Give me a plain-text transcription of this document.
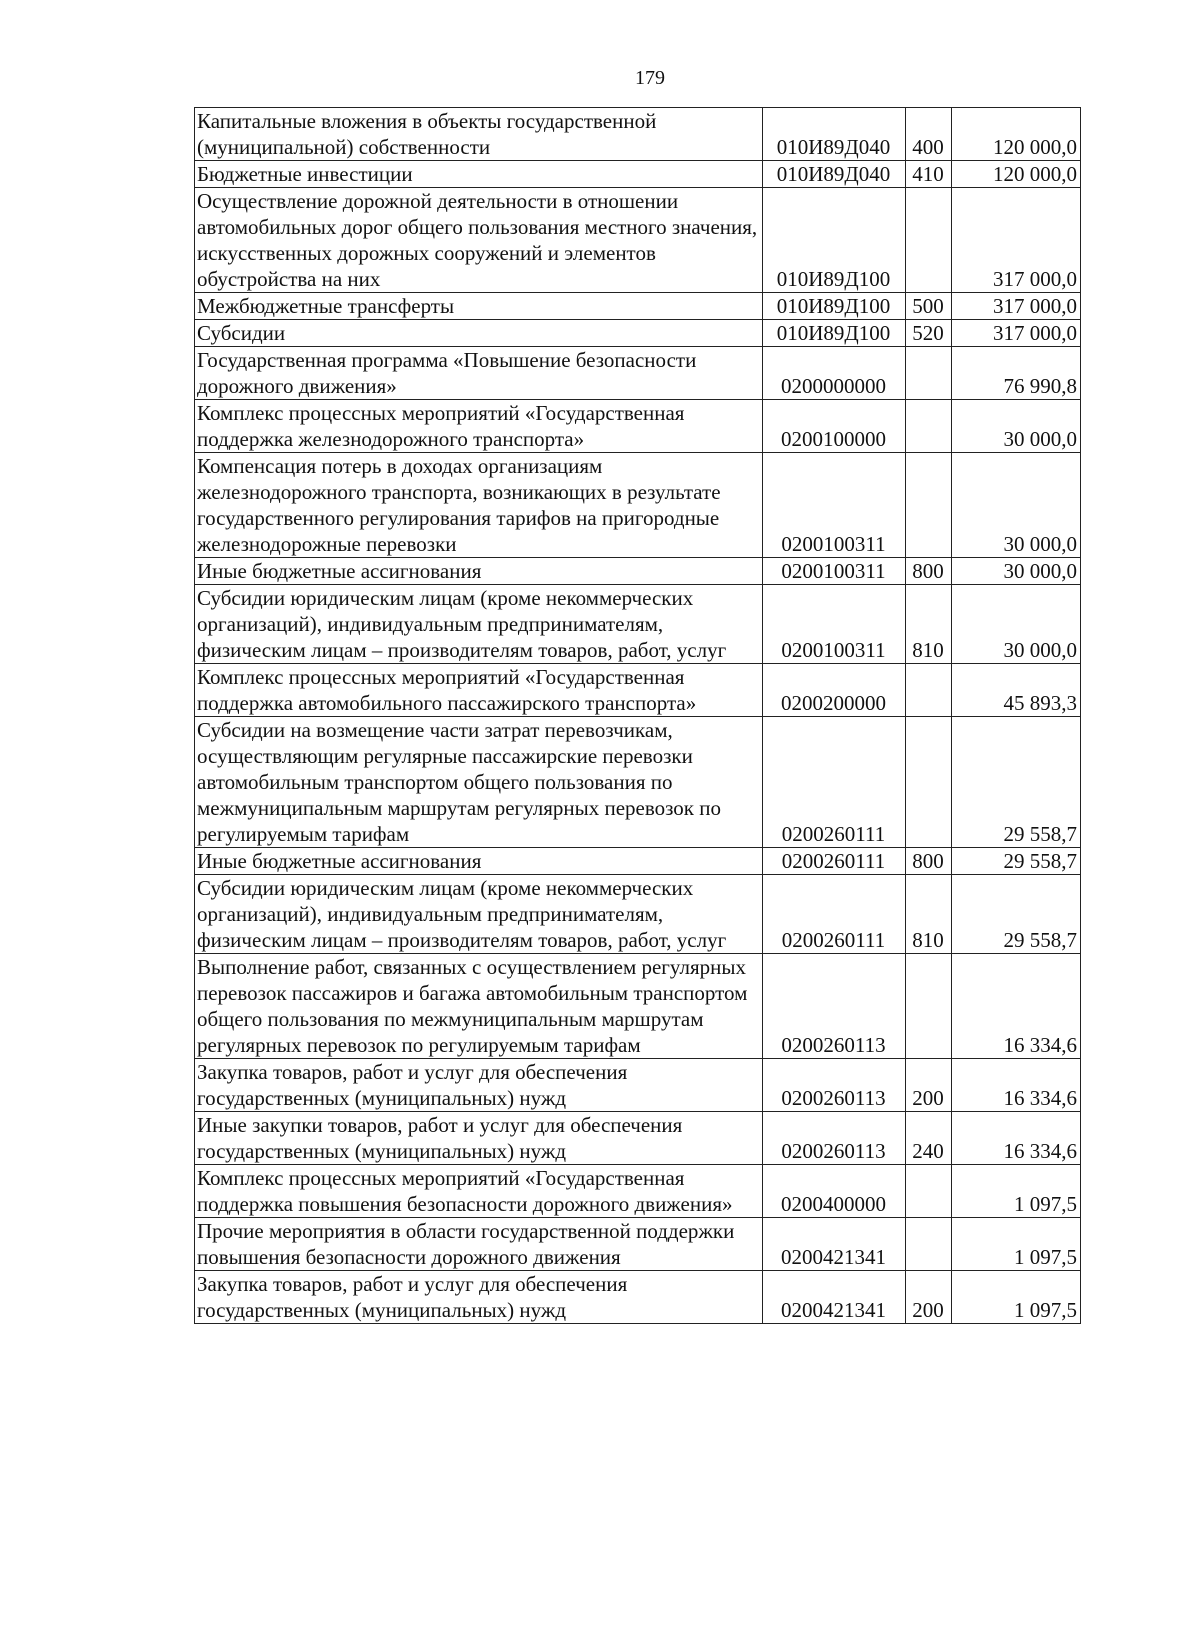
179
Капитальные вложения в объекты государственной (муниципальной) собственности	010И89Д040	400	120 000,0
Бюджетные инвестиции	010И89Д040	410	120 000,0
Осуществление дорожной деятельности в отношении автомобильных дорог общего пользования местного значения, искусственных дорожных сооружений и элементов обустройства на них	010И89Д100		317 000,0
Межбюджетные трансферты	010И89Д100	500	317 000,0
Субсидии	010И89Д100	520	317 000,0
Государственная программа «Повышение безопасности дорожного движения»	0200000000		76 990,8
Комплекс процессных мероприятий «Государственная поддержка железнодорожного транспорта»	0200100000		30 000,0
Компенсация потерь в доходах организациям железнодорожного транспорта, возникающих в результате государственного регулирования тарифов на пригородные железнодорожные перевозки	0200100311		30 000,0
Иные бюджетные ассигнования	0200100311	800	30 000,0
Субсидии юридическим лицам (кроме некоммерческих организаций), индивидуальным предпринимателям, физическим лицам – производителям товаров, работ, услуг	0200100311	810	30 000,0
Комплекс процессных мероприятий «Государственная поддержка автомобильного пассажирского транспорта»	0200200000		45 893,3
Субсидии на возмещение части затрат перевозчикам, осуществляющим регулярные пассажирские перевозки автомобильным транспортом общего пользования по межмуниципальным маршрутам регулярных перевозок по регулируемым тарифам	0200260111		29 558,7
Иные бюджетные ассигнования	0200260111	800	29 558,7
Субсидии юридическим лицам (кроме некоммерческих организаций), индивидуальным предпринимателям, физическим лицам – производителям товаров, работ, услуг	0200260111	810	29 558,7
Выполнение работ, связанных с осуществлением регулярных перевозок пассажиров и багажа автомобильным транспортом общего пользования по межмуниципальным маршрутам регулярных перевозок по регулируемым тарифам	0200260113		16 334,6
Закупка товаров, работ и услуг для обеспечения государственных (муниципальных) нужд	0200260113	200	16 334,6
Иные закупки товаров, работ и услуг для обеспечения государственных (муниципальных) нужд	0200260113	240	16 334,6
Комплекс процессных мероприятий «Государственная поддержка повышения безопасности дорожного движения»	0200400000		1 097,5
Прочие мероприятия в области государственной поддержки повышения безопасности дорожного движения	0200421341		1 097,5
Закупка товаров, работ и услуг для обеспечения государственных (муниципальных) нужд	0200421341	200	1 097,5
